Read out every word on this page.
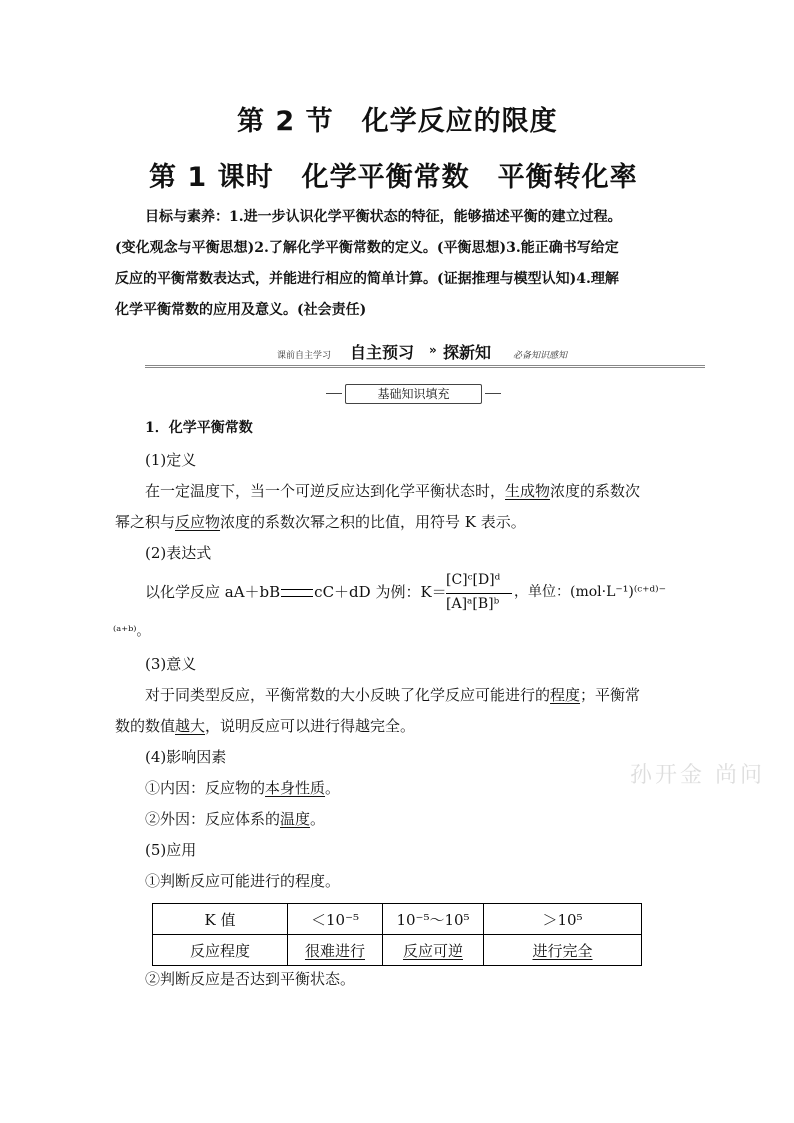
第 2 节　化学反应的限度
第 1 课时　化学平衡常数　平衡转化率
目标与素养：1.进一步认识化学平衡状态的特征，能够描述平衡的建立过程。
(变化观念与平衡思想)2.了解化学平衡常数的定义。(平衡思想)3.能正确书写给定
反应的平衡常数表达式，并能进行相应的简单计算。(证据推理与模型认知)4.理解
化学平衡常数的应用及意义。(社会责任)
课前自主学习 自主预习 » 探新知 必备知识感知
基础知识填充
1．化学平衡常数
(1)定义
在一定温度下，当一个可逆反应达到化学平衡状态时，生成物浓度的系数次
幂之积与反应物浓度的系数次幂之积的比值，用符号 K 表示。
(2)表达式
以化学反应 aA＋bB cC＋dD 为例：K＝
[C]ᶜ[D]ᵈ
[A]ᵃ[B]ᵇ
，单位：(mol·L⁻¹)⁽ᶜ⁺ᵈ⁾⁻
⁽ᵃ⁺ᵇ⁾。
(3)意义
对于同类型反应，平衡常数的大小反映了化学反应可能进行的程度；平衡常
数的数值越大，说明反应可以进行得越完全。
(4)影响因素
①内因：反应物的本身性质。
②外因：反应体系的温度。
(5)应用
①判断反应可能进行的程度。
K 值	＜10⁻⁵	10⁻⁵～10⁵	＞10⁵
反应程度	很难进行	反应可逆	进行完全
②判断反应是否达到平衡状态。
孙开金 尚问
